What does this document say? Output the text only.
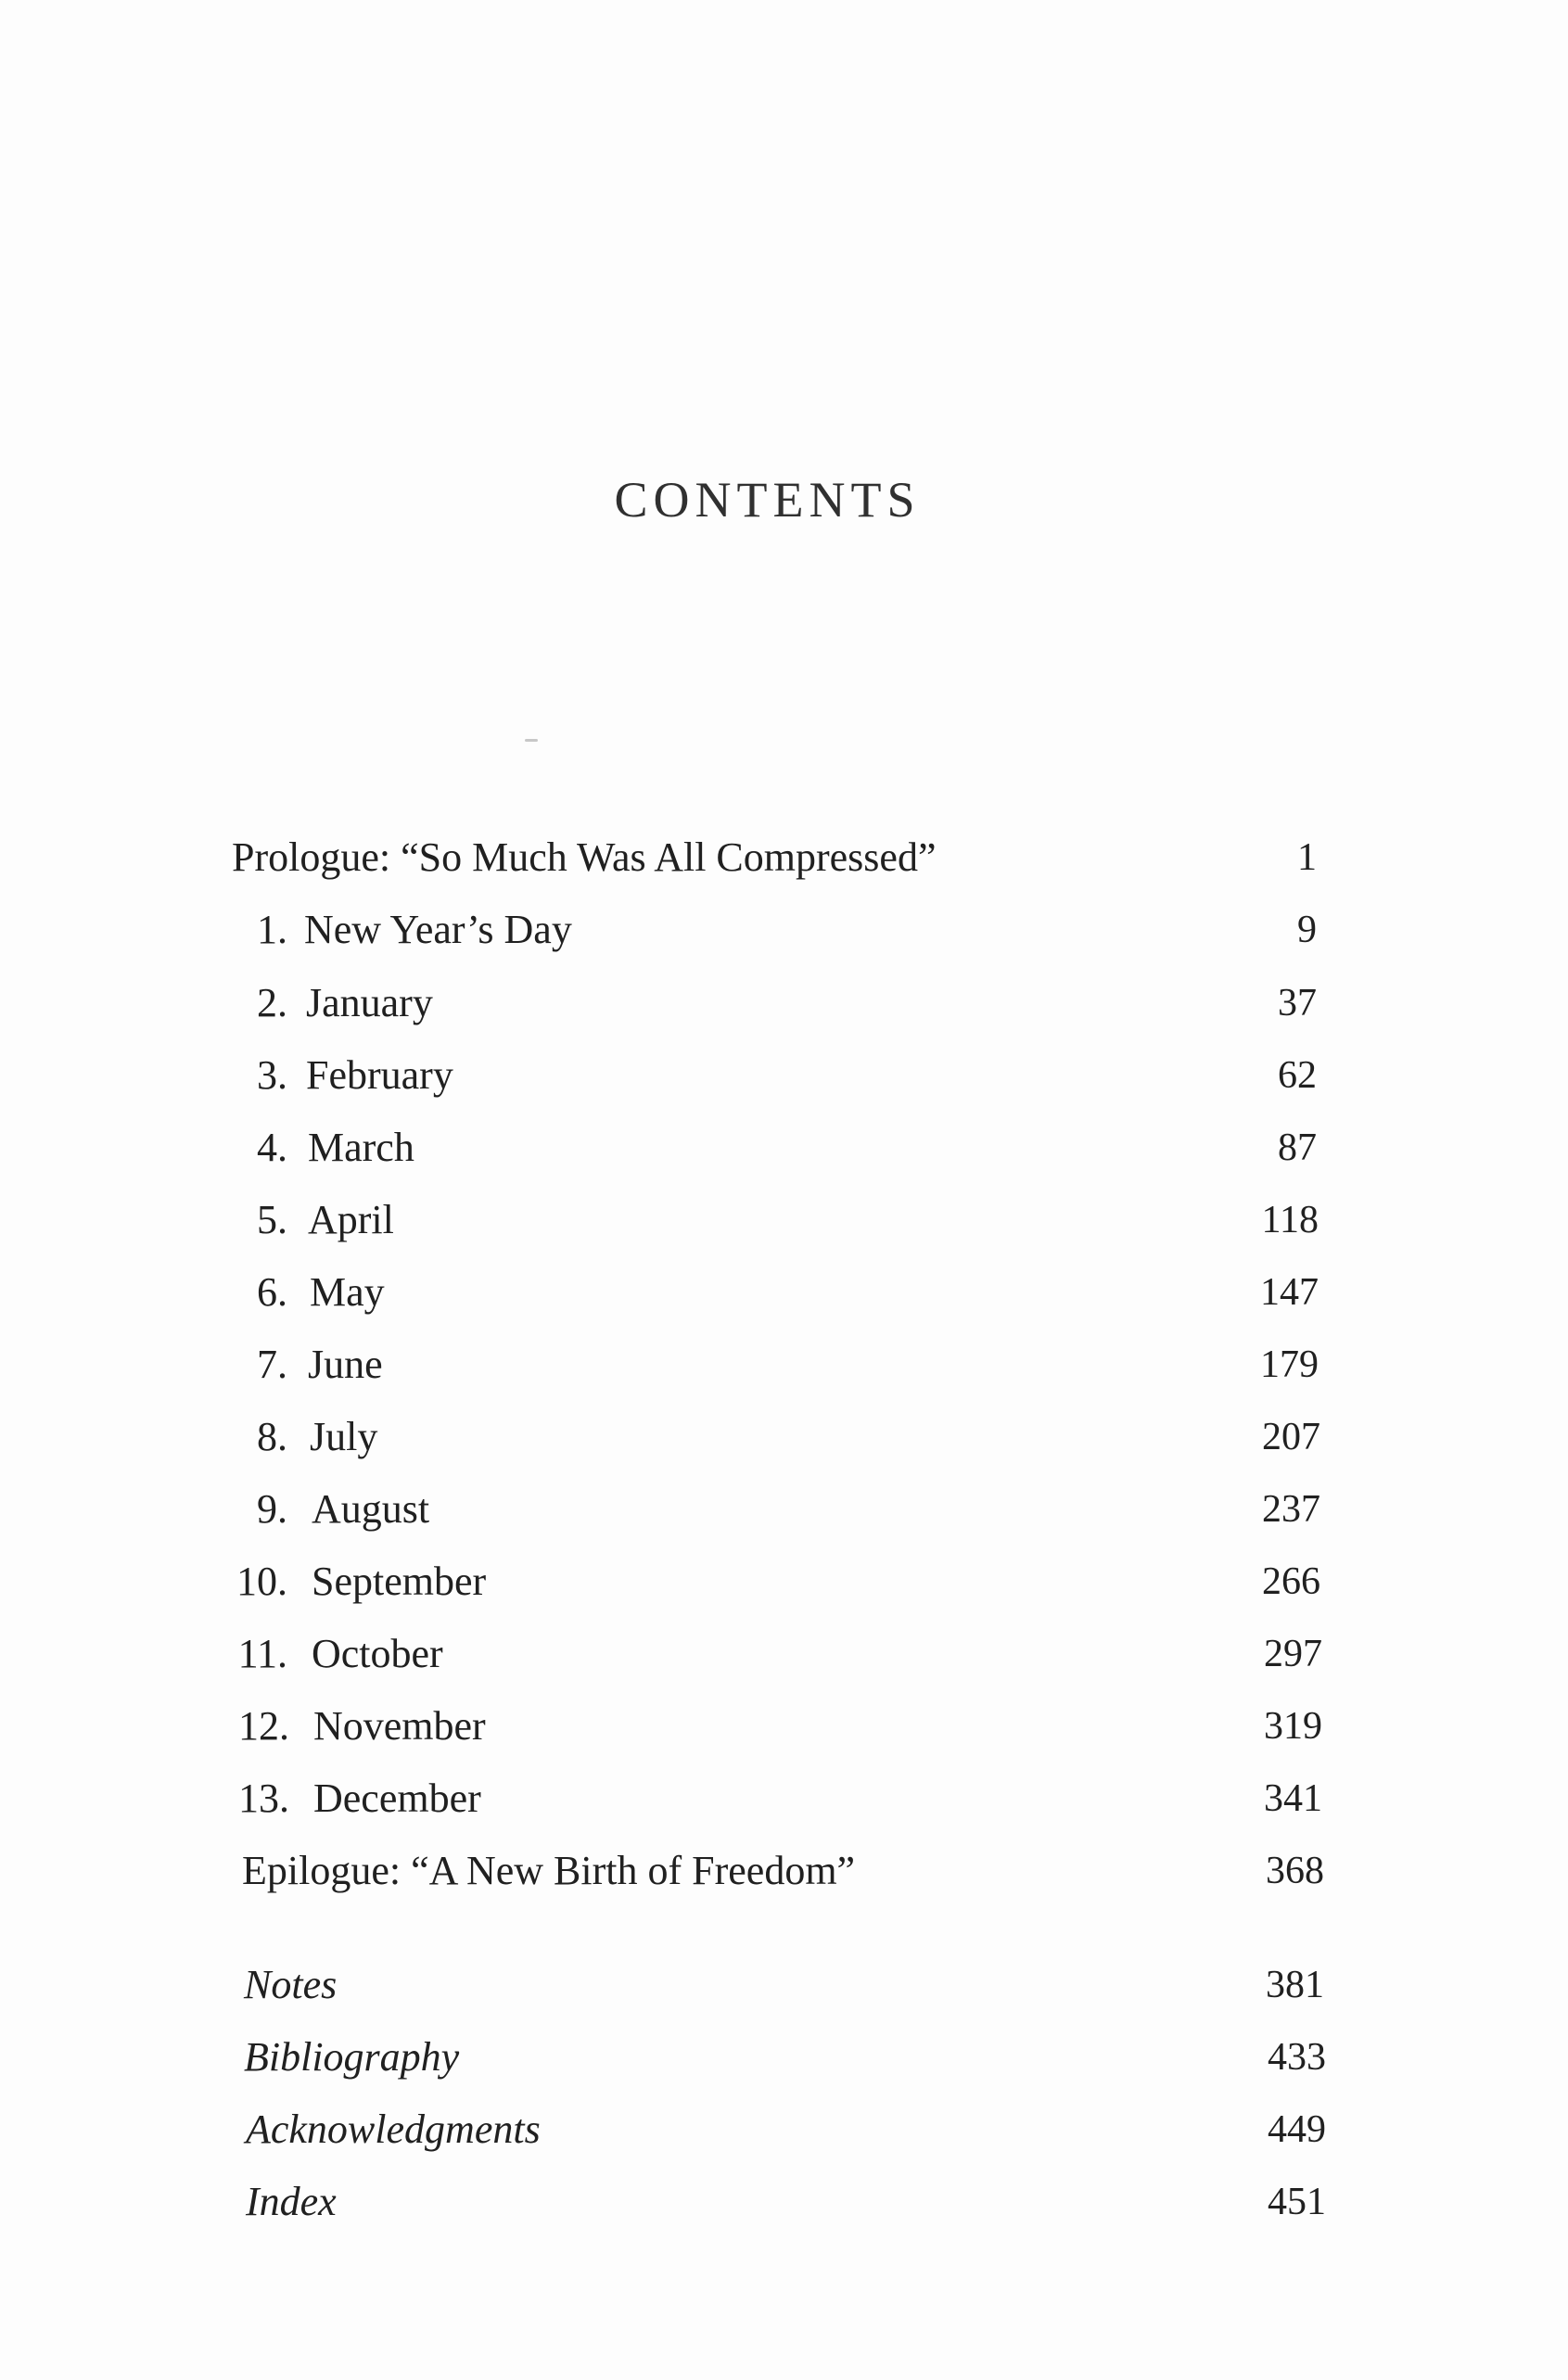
CONTENTS
Prologue: “So Much Was All Compressed”	1
1. New Year’s Day	9
2. January	37
3. February	62
4. March	87
5. April	118
6. May	147
7. June	179
8. July	207
9. August	237
10. September	266
11. October	297
12. November	319
13. December	341
Epilogue: “A New Birth of Freedom”	368
Notes	381
Bibliography	433
Acknowledgments	449
Index	451
